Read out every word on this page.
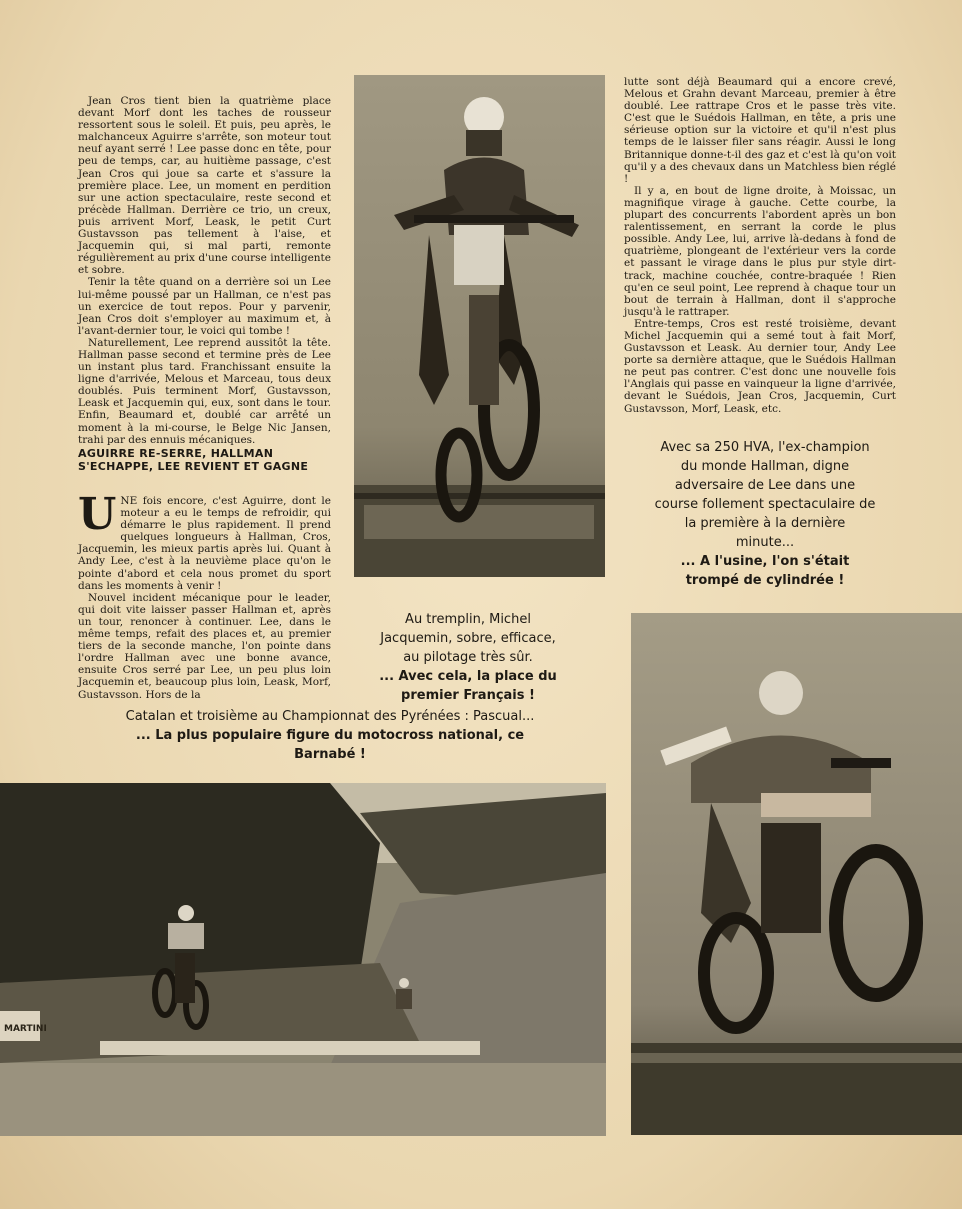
Jean Cros tient bien la quatrième place devant Morf dont les taches de rousseur ressortent sous le soleil. Et puis, peu après, le malchanceux Aguirre s'arrête, son moteur tout neuf ayant serré ! Lee passe donc en tête, pour peu de temps, car, au huitième passage, c'est Jean Cros qui joue sa carte et s'assure la première place. Lee, un moment en perdition sur une action spectaculaire, reste second et précède Hallman. Derrière ce trio, un creux, puis arrivent Morf, Leask, le petit Curt Gustavsson pas tellement à l'aise, et Jacquemin qui, si mal parti, remonte régulièrement au prix d'une course intelligente et sobre.

Tenir la tête quand on a derrière soi un Lee lui-même poussé par un Hallman, ce n'est pas un exercice de tout repos. Pour y parvenir, Jean Cros doit s'employer au maximum et, à l'avant-dernier tour, le voici qui tombe !

Naturellement, Lee reprend aussitôt la tête. Hallman passe second et termine près de Lee un instant plus tard. Franchissant ensuite la ligne d'arrivée, Melous et Marceau, tous deux doublés. Puis terminent Morf, Gustavsson, Leask et Jacquemin qui, eux, sont dans le tour. Enfin, Beaumard et, doublé car arrêté un moment à la mi-course, le Belge Nic Jansen, trahi par des ennuis mécaniques.

AGUIRRE RE-SERRE, HALLMAN S'ECHAPPE, LEE REVIENT ET GAGNE
U NE fois encore, c'est Aguirre, dont le moteur a eu le temps de refroidir, qui démarre le plus rapidement. Il prend quelques longueurs à Hallman, Cros, Jacquemin, les mieux partis après lui. Quant à Andy Lee, c'est à la neuvième place qu'on le pointe d'abord et cela nous promet du sport dans les moments à venir !

Nouvel incident mécanique pour le leader, qui doit vite laisser passer Hallman et, après un tour, renoncer à continuer. Lee, dans le même temps, refait des places et, au premier tiers de la seconde manche, l'on pointe dans l'ordre Hallman avec une bonne avance, ensuite Cros serré par Lee, un peu plus loin Jacquemin et, beaucoup plus loin, Leask, Morf, Gustavsson. Hors de la

lutte sont déjà Beaumard qui a encore crevé, Melous et Grahn devant Marceau, premier à être doublé. Lee rattrape Cros et le passe très vite. C'est que le Suédois Hallman, en tête, a pris une sérieuse option sur la victoire et qu'il n'est plus temps de le laisser filer sans réagir. Aussi le long Britannique donne-t-il des gaz et c'est là qu'on voit qu'il y a des chevaux dans un Matchless bien réglé !

Il y a, en bout de ligne droite, à Moissac, un magnifique virage à gauche. Cette courbe, la plupart des concurrents l'abordent après un bon ralentissement, en serrant la corde le plus possible. Andy Lee, lui, arrive là-dedans à fond de quatrième, plongeant de l'extérieur vers la corde et passant le virage dans le plus pur style dirt-track, machine couchée, contre-braquée ! Rien qu'en ce seul point, Lee reprend à chaque tour un bout de terrain à Hallman, dont il s'approche jusqu'à le rattraper.

Entre-temps, Cros est resté troisième, devant Michel Jacquemin qui a semé tout à fait Morf, Gustavsson et Leask. Au dernier tour, Andy Lee porte sa dernière attaque, que le Suédois Hallman ne peut pas contrer. C'est donc une nouvelle fois l'Anglais qui passe en vainqueur la ligne d'arrivée, devant le Suédois, Jean Cros, Jacquemin, Curt Gustavsson, Morf, Leask, etc.

MARTINI
Avec sa 250 HVA, l'ex-champion du monde Hallman, digne adversaire de Lee dans une course follement spectaculaire de la première à la dernière minute...
... A l'usine, l'on s'était trompé de cylindrée !
Au tremplin, Michel Jacquemin, sobre, efficace, au pilotage très sûr.
... Avec cela, la place du premier Français !
Catalan et troisième au Championnat des Pyrénées : Pascual...
... La plus populaire figure du motocross national, ce Barnabé !
